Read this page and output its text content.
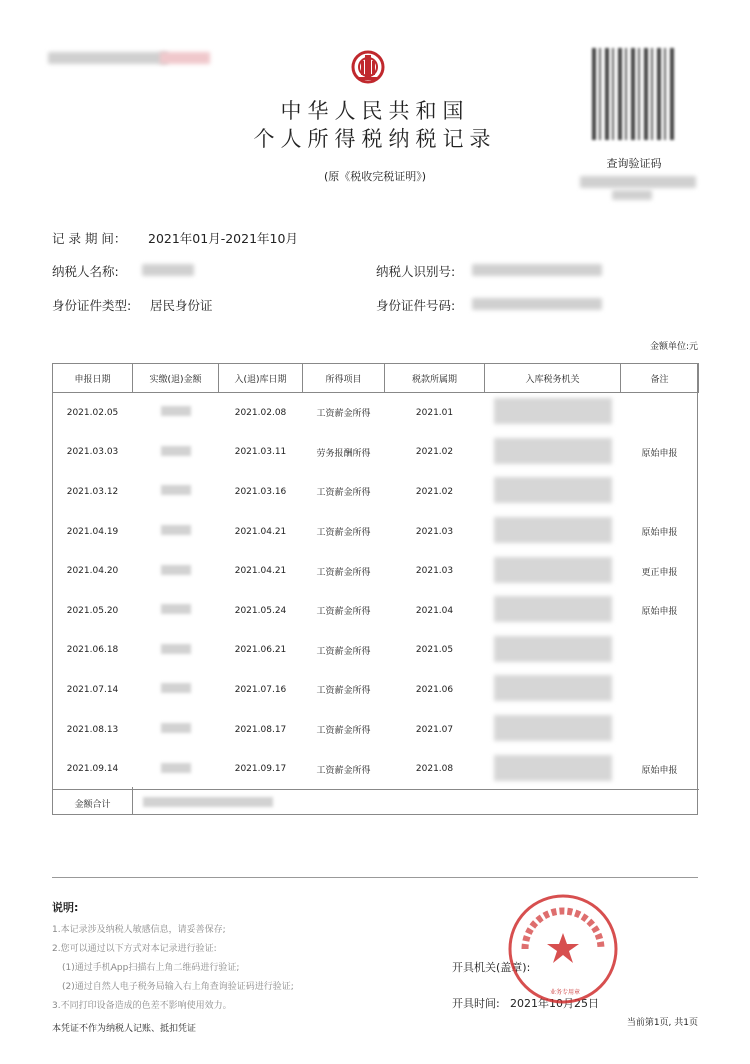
中华人民共和国
个人所得税纳税记录
(原《税收完税证明》)
查询验证码
记 录 期 间： 2021年01月-2021年10月
纳税人名称:	纳税人识别号:
身份证件类型: 居民身份证	身份证件号码:
金额单位:元
申报日期	实缴(退)金额	入(退)库日期	所得项目	税款所属期	入库税务机关	备注
2021.02.05		2021.02.08	工资薪金所得	2021.01		
2021.03.03		2021.03.11	劳务报酬所得	2021.02		原始申报
2021.03.12		2021.03.16	工资薪金所得	2021.02		
2021.04.19		2021.04.21	工资薪金所得	2021.03		原始申报
2021.04.20		2021.04.21	工资薪金所得	2021.03		更正申报
2021.05.20		2021.05.24	工资薪金所得	2021.04		原始申报
2021.06.18		2021.06.21	工资薪金所得	2021.05		
2021.07.14		2021.07.16	工资薪金所得	2021.06		
2021.08.13		2021.08.17	工资薪金所得	2021.07		
2021.09.14		2021.09.17	工资薪金所得	2021.08		原始申报
金额合计						
说明:
1.本记录涉及纳税人敏感信息，请妥善保存;
2.您可以通过以下方式对本记录进行验证:
(1)通过手机App扫描右上角二维码进行验证;
(2)通过自然人电子税务局输入右上角查询验证码进行验证;
3.不同打印设备造成的色差不影响使用效力。
本凭证不作为纳税人记账、抵扣凭证
开具机关(盖章):
开具时间: 2021年10月25日
当前第1页, 共1页
业务专用章
